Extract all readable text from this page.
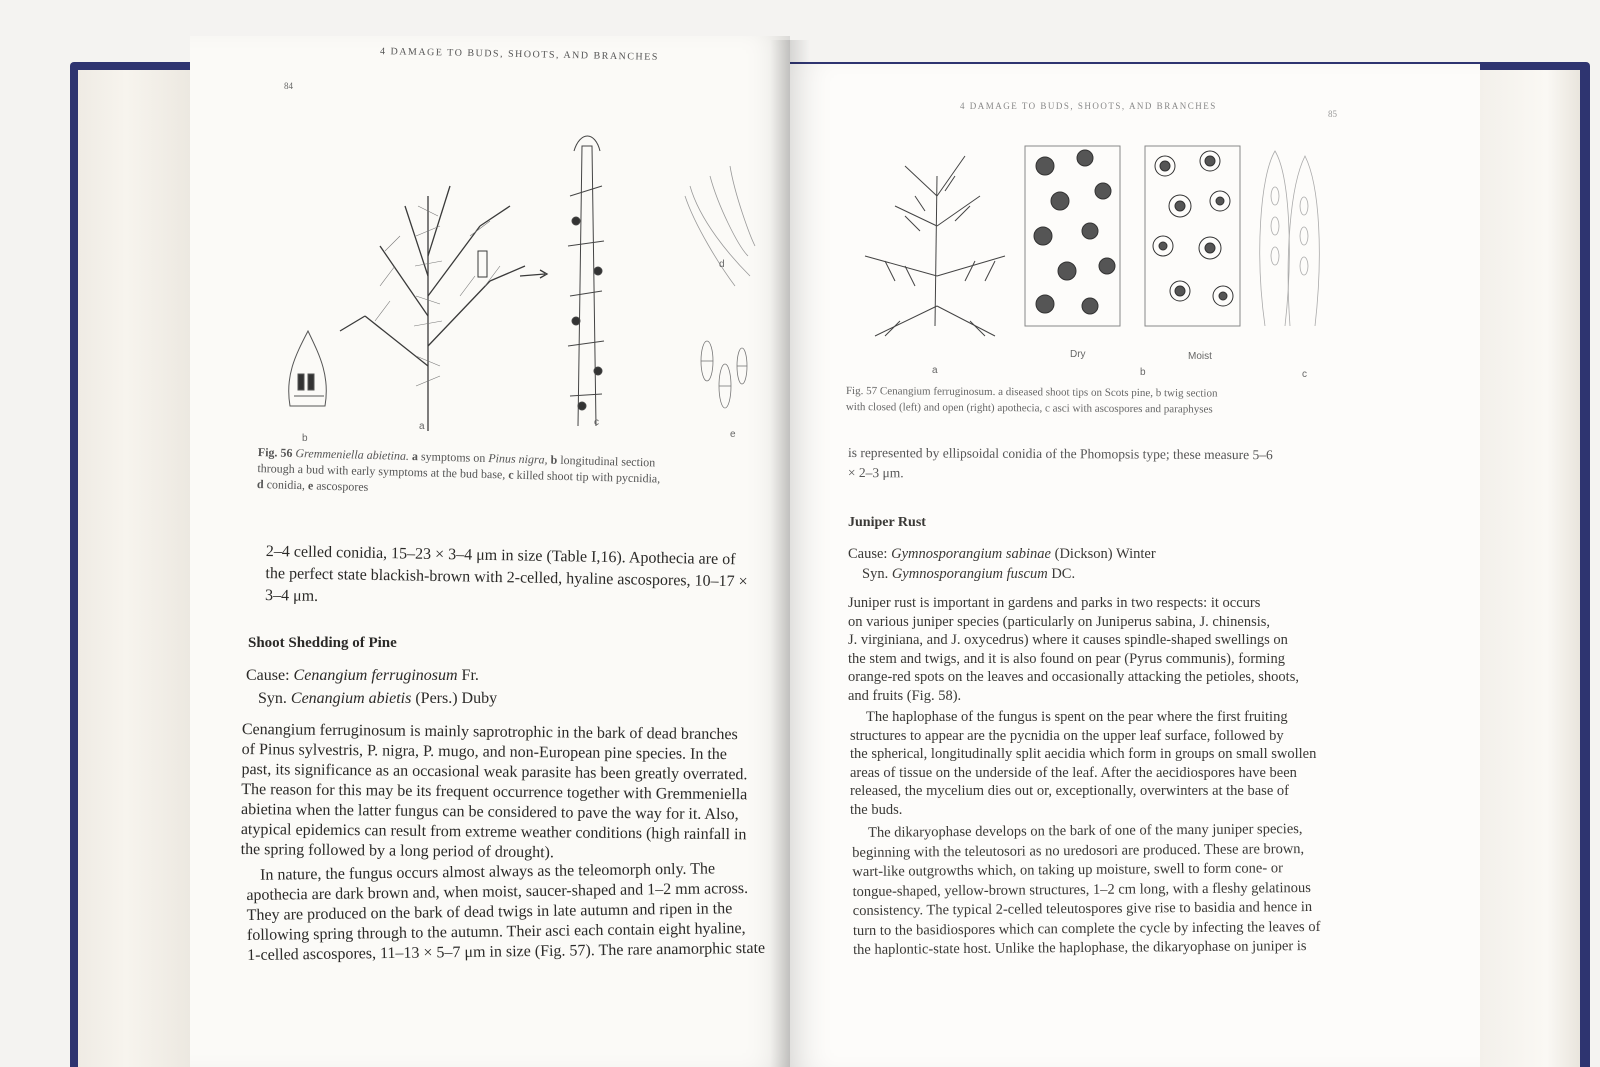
4 DAMAGE TO BUDS, SHOOTS, AND BRANCHES
84
a
b
c
d
e
Fig. 56 Gremmeniella abietina. a symptoms on Pinus nigra, b longitudinal section
through a bud with early symptoms at the bud base, c killed shoot tip with pycnidia,
d conidia, e ascospores
2–4 celled conidia, 15–23 × 3–4 μm in size (Table I,16). Apothecia are of
the perfect state blackish-brown with 2-celled, hyaline ascospores, 10–17 ×
3–4 μm.
Shoot Shedding of Pine
Cause: Cenangium ferruginosum Fr.
Syn. Cenangium abietis (Pers.) Duby
Cenangium ferruginosum is mainly saprotrophic in the bark of dead branches
of Pinus sylvestris, P. nigra, P. mugo, and non-European pine species. In the
past, its significance as an occasional weak parasite has been greatly overrated.
The reason for this may be its frequent occurrence together with Gremmeniella
abietina when the latter fungus can be considered to pave the way for it. Also,
atypical epidemics can result from extreme weather conditions (high rainfall in
the spring followed by a long period of drought).
In nature, the fungus occurs almost always as the teleomorph only. The
apothecia are dark brown and, when moist, saucer-shaped and 1–2 mm across.
They are produced on the bark of dead twigs in late autumn and ripen in the
following spring through to the autumn. Their asci each contain eight hyaline,
1-celled ascospores, 11–13 × 5–7 μm in size (Fig. 57). The rare anamorphic state
4 DAMAGE TO BUDS, SHOOTS, AND BRANCHES
85
Dry	Moist
a	b	c
Fig. 57 Cenangium ferruginosum. a diseased shoot tips on Scots pine, b twig section
with closed (left) and open (right) apothecia, c asci with ascospores and paraphyses
is represented by ellipsoidal conidia of the Phomopsis type; these measure 5–6
× 2–3 μm.
Juniper Rust
Cause: Gymnosporangium sabinae (Dickson) Winter
Syn. Gymnosporangium fuscum DC.
Juniper rust is important in gardens and parks in two respects: it occurs
on various juniper species (particularly on Juniperus sabina, J. chinensis,
J. virginiana, and J. oxycedrus) where it causes spindle-shaped swellings on
the stem and twigs, and it is also found on pear (Pyrus communis), forming
orange-red spots on the leaves and occasionally attacking the petioles, shoots,
and fruits (Fig. 58).
The haplophase of the fungus is spent on the pear where the first fruiting
structures to appear are the pycnidia on the upper leaf surface, followed by
the spherical, longitudinally split aecidia which form in groups on small swollen
areas of tissue on the underside of the leaf. After the aecidiospores have been
released, the mycelium dies out or, exceptionally, overwinters at the base of
the buds.
The dikaryophase develops on the bark of one of the many juniper species,
beginning with the teleutosori as no uredosori are produced. These are brown,
wart-like outgrowths which, on taking up moisture, swell to form cone- or
tongue-shaped, yellow-brown structures, 1–2 cm long, with a fleshy gelatinous
consistency. The typical 2-celled teleutospores give rise to basidia and hence in
turn to the basidiospores which can complete the cycle by infecting the leaves of
the haplontic-state host. Unlike the haplophase, the dikaryophase on juniper is
